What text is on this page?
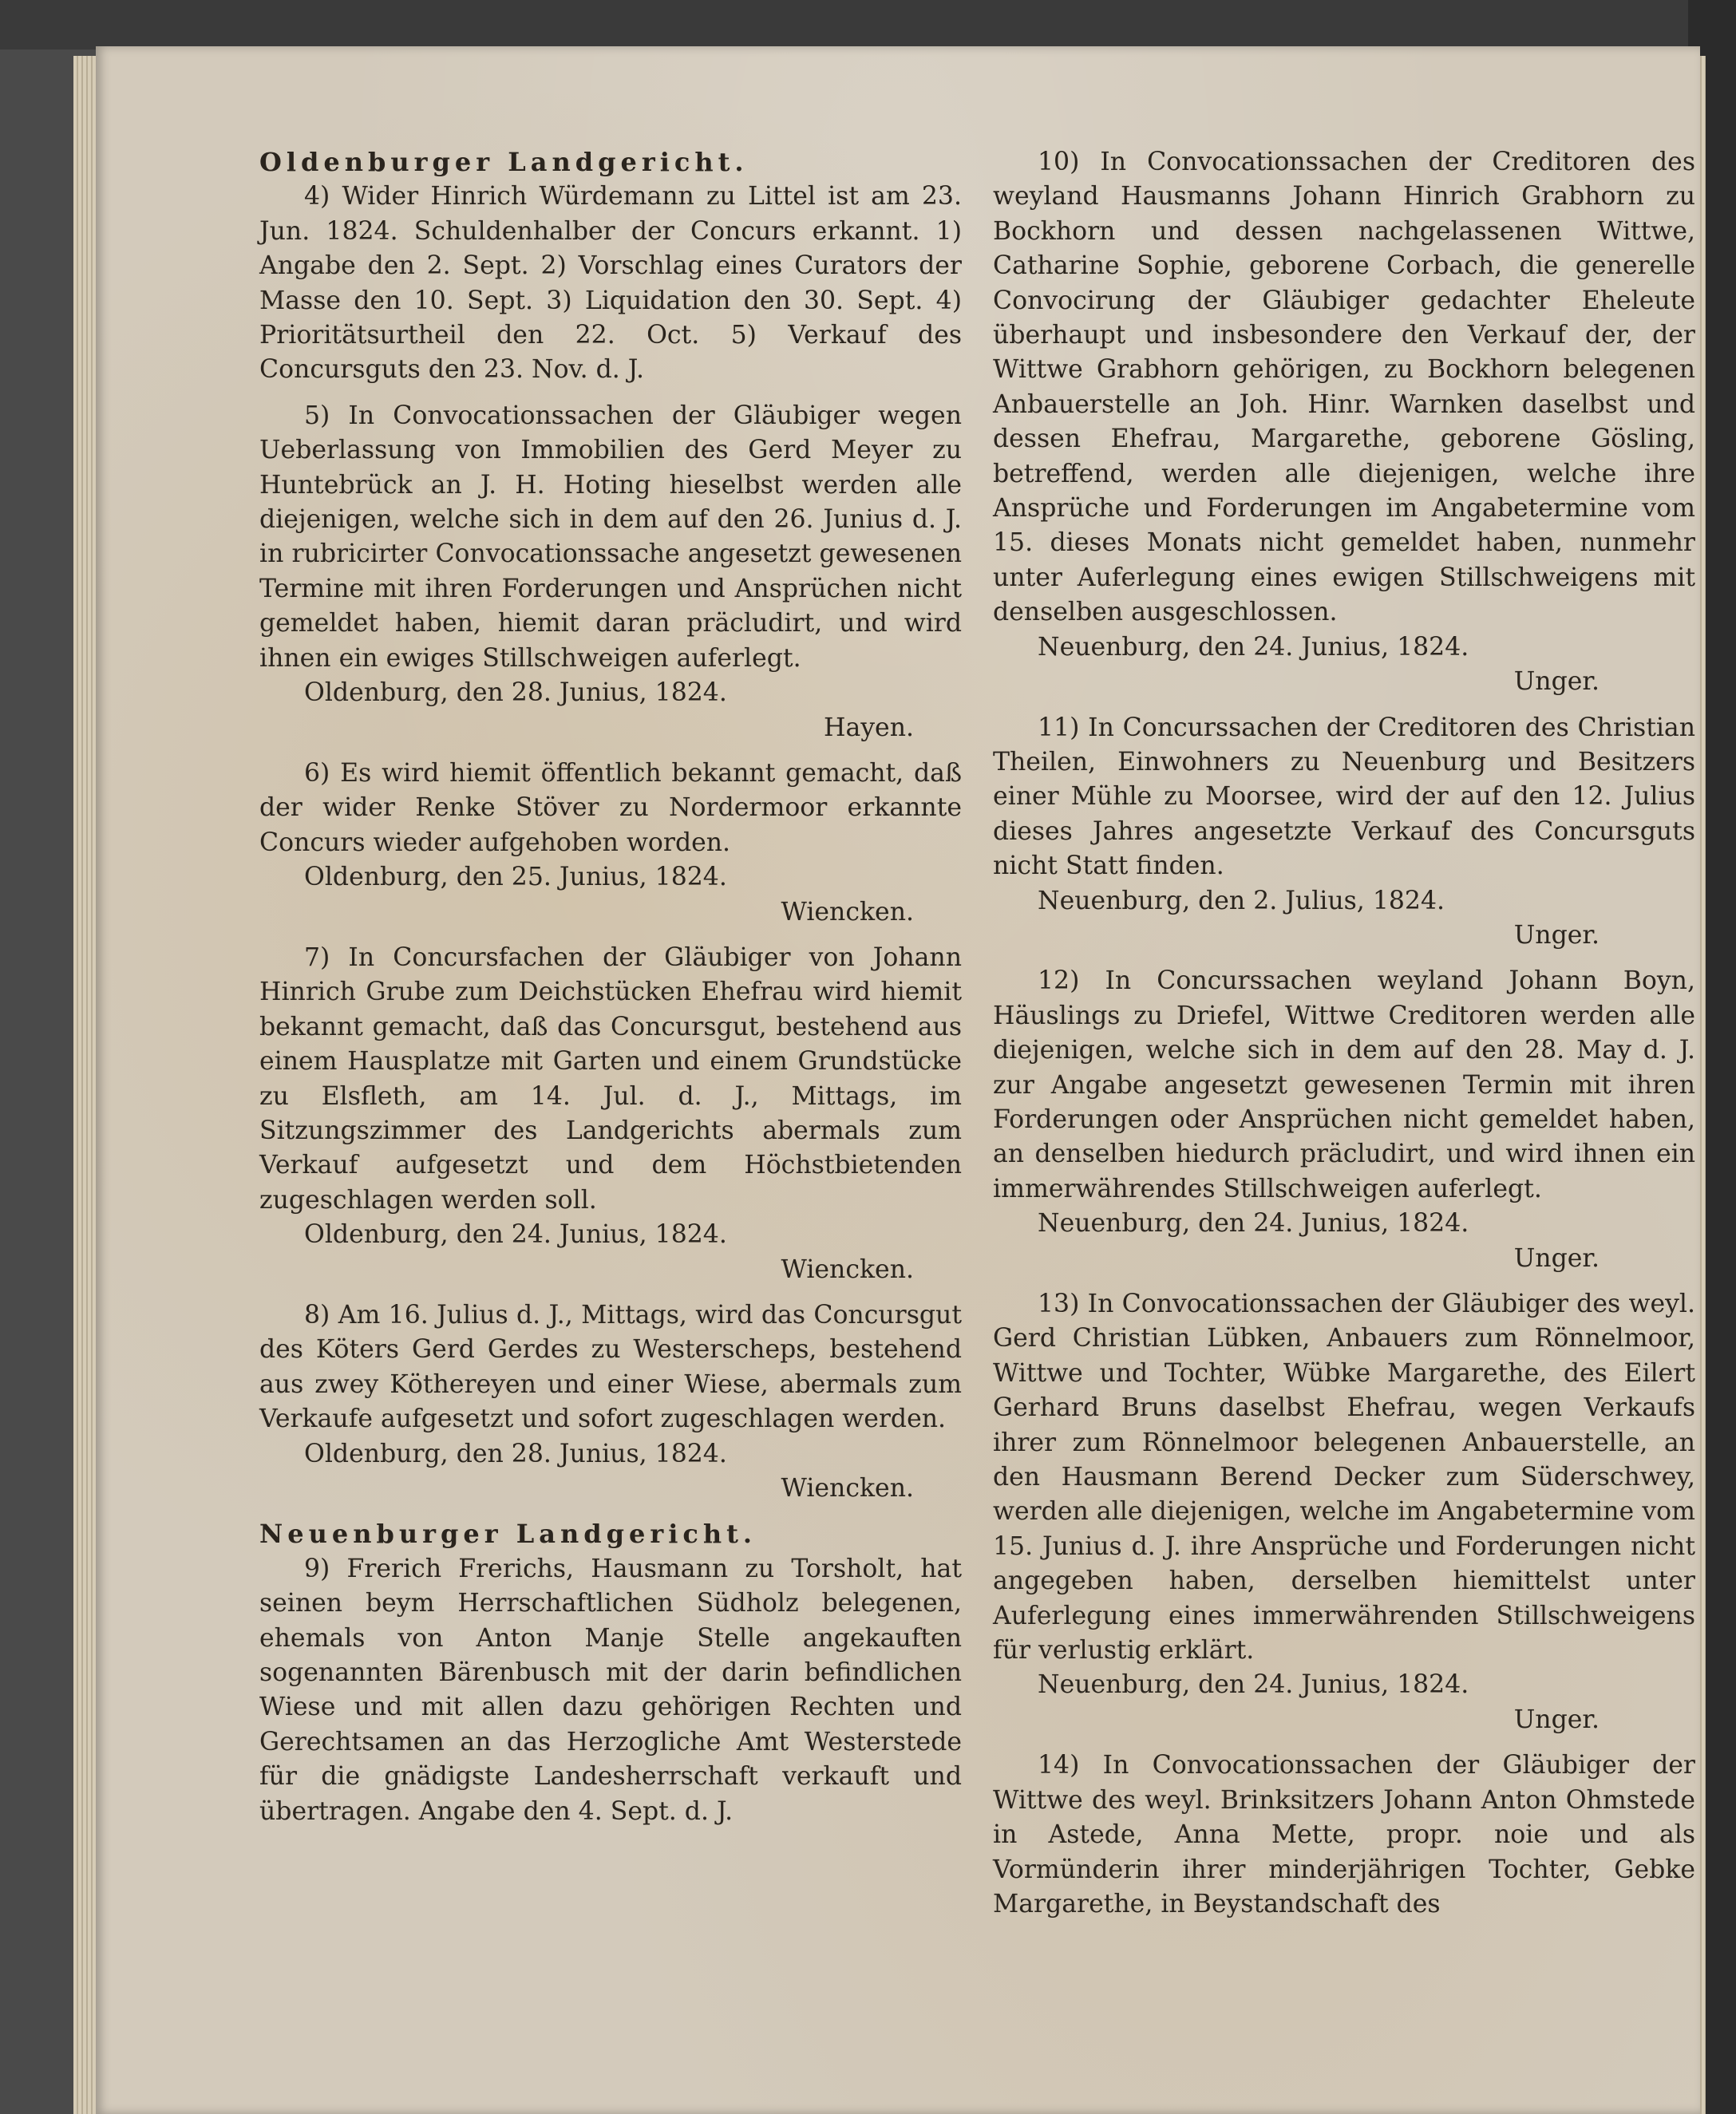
Oldenburger Landgericht.

4) Wider Hinrich Würdemann zu Littel ist am 23. Jun. 1824. Schuldenhalber der Concurs erkannt. 1) Angabe den 2. Sept. 2) Vorschlag eines Curators der Masse den 10. Sept. 3) Liquidation den 30. Sept. 4) Prioritätsurtheil den 22. Oct. 5) Verkauf des Concursguts den 23. Nov. d. J.

5) In Convocationssachen der Gläubiger wegen Ueberlassung von Immobilien des Gerd Meyer zu Huntebrück an J. H. Hoting hieselbst werden alle diejenigen, welche sich in dem auf den 26. Junius d. J. in rubricirter Convocationssache angesetzt gewesenen Termine mit ihren Forderungen und Ansprüchen nicht gemeldet haben, hiemit daran präcludirt, und wird ihnen ein ewiges Stillschweigen auferlegt.

Oldenburg, den 28. Junius, 1824.

Hayen.

6) Es wird hiemit öffentlich bekannt gemacht, daß der wider Renke Stöver zu Nordermoor erkannte Concurs wieder aufgehoben worden.

Oldenburg, den 25. Junius, 1824.

Wiencken.

7) In Concursfachen der Gläubiger von Johann Hinrich Grube zum Deichstücken Ehefrau wird hiemit bekannt gemacht, daß das Concursgut, bestehend aus einem Hausplatze mit Garten und einem Grundstücke zu Elsfleth, am 14. Jul. d. J., Mittags, im Sitzungszimmer des Landgerichts abermals zum Verkauf aufgesetzt und dem Höchstbietenden zugeschlagen werden soll.

Oldenburg, den 24. Junius, 1824.

Wiencken.

8) Am 16. Julius d. J., Mittags, wird das Concursgut des Köters Gerd Gerdes zu Westerscheps, bestehend aus zwey Köthereyen und einer Wiese, abermals zum Verkaufe aufgesetzt und sofort zugeschlagen werden.

Oldenburg, den 28. Junius, 1824.

Wiencken.

Neuenburger Landgericht.

9) Frerich Frerichs, Hausmann zu Torsholt, hat seinen beym Herrschaftlichen Südholz belegenen, ehemals von Anton Manje Stelle angekauften sogenannten Bärenbusch mit der darin befindlichen Wiese und mit allen dazu gehörigen Rechten und Gerechtsamen an das Herzogliche Amt Westerstede für die gnädigste Landesherrschaft verkauft und übertragen. Angabe den 4. Sept. d. J.

10) In Convocationssachen der Creditoren des weyland Hausmanns Johann Hinrich Grabhorn zu Bockhorn und dessen nachgelassenen Wittwe, Catharine Sophie, geborene Corbach, die generelle Convocirung der Gläubiger gedachter Eheleute überhaupt und insbesondere den Verkauf der, der Wittwe Grabhorn gehörigen, zu Bockhorn belegenen Anbauerstelle an Joh. Hinr. Warnken daselbst und dessen Ehefrau, Margarethe, geborene Gösling, betreffend, werden alle diejenigen, welche ihre Ansprüche und Forderungen im Angabetermine vom 15. dieses Monats nicht gemeldet haben, nunmehr unter Auferlegung eines ewigen Stillschweigens mit denselben ausgeschlossen.

Neuenburg, den 24. Junius, 1824.

Unger.

11) In Concurssachen der Creditoren des Christian Theilen, Einwohners zu Neuenburg und Besitzers einer Mühle zu Moorsee, wird der auf den 12. Julius dieses Jahres angesetzte Verkauf des Concursguts nicht Statt finden.

Neuenburg, den 2. Julius, 1824.

Unger.

12) In Concurssachen weyland Johann Boyn, Häuslings zu Driefel, Wittwe Creditoren werden alle diejenigen, welche sich in dem auf den 28. May d. J. zur Angabe angesetzt gewesenen Termin mit ihren Forderungen oder Ansprüchen nicht gemeldet haben, an denselben hiedurch präcludirt, und wird ihnen ein immerwährendes Stillschweigen auferlegt.

Neuenburg, den 24. Junius, 1824.

Unger.

13) In Convocationssachen der Gläubiger des weyl. Gerd Christian Lübken, Anbauers zum Rönnelmoor, Wittwe und Tochter, Wübke Margarethe, des Eilert Gerhard Bruns daselbst Ehefrau, wegen Verkaufs ihrer zum Rönnelmoor belegenen Anbauerstelle, an den Hausmann Berend Decker zum Süderschwey, werden alle diejenigen, welche im Angabetermine vom 15. Junius d. J. ihre Ansprüche und Forderungen nicht angegeben haben, derselben hiemittelst unter Auferlegung eines immerwährenden Stillschweigens für verlustig erklärt.

Neuenburg, den 24. Junius, 1824.

Unger.

14) In Convocationssachen der Gläubiger der Wittwe des weyl. Brinksitzers Johann Anton Ohmstede in Astede, Anna Mette, propr. noie und als Vormünderin ihrer minderjährigen Tochter, Gebke Margarethe, in Beystandschaft des
